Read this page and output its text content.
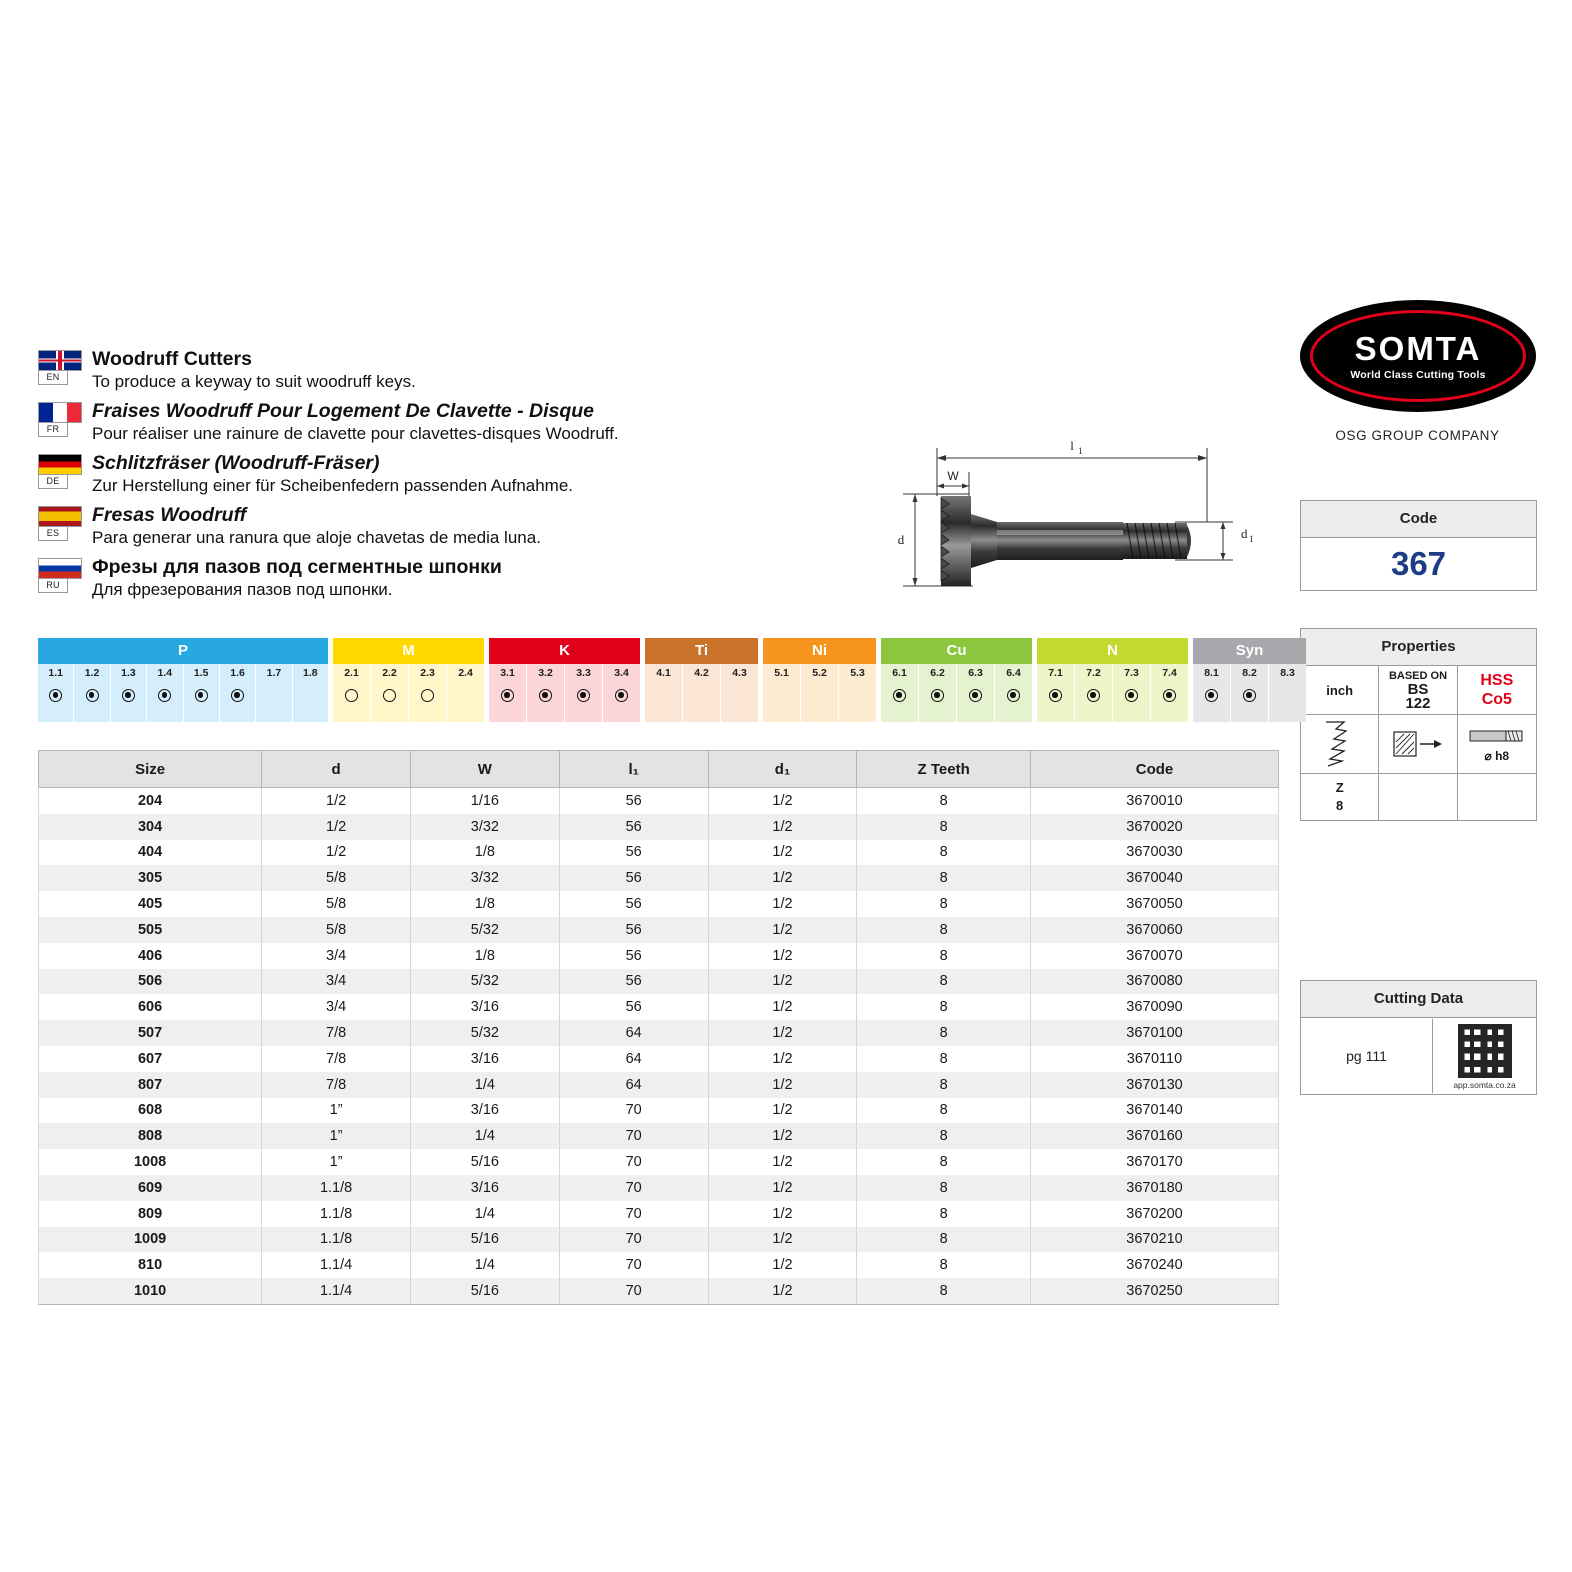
EN
Woodruff Cutters
To produce a keyway to suit woodruff keys.
FR
Fraises Woodruff Pour Logement De Clavette - Disque
Pour réaliser une rainure de clavette pour clavettes-disques Woodruff.
DE
Schlitzfräser (Woodruff-Fräser)
Zur Herstellung einer für Scheibenfedern passenden Aufnahme.
ES
Fresas Woodruff
Para generar una ranura que aloje chavetas de media luna.
RU
Фрезы для пазов под сегментные шпонки
Для фрезерования пазов под шпонки.
l 1
W
d	d 1
SOMTA
World Class Cutting Tools
OSG GROUP COMPANY
Code
367
Properties
inch
BASED ON
BS
122
HSS
Co5
⌀ h8
Z
8
Cutting Data
pg 111
app.somta.co.za
P
1.1 1.2 1.3 1.4 1.5 1.6 1.7 1.8
M
2.1 2.2 2.3 2.4
K
3.1 3.2 3.3 3.4
Ti
4.1 4.2 4.3
Ni
5.1 5.2 5.3
Cu
6.1 6.2 6.3 6.4
N
7.1 7.2 7.3 7.4
Syn
8.1 8.2 8.3
Size	d	W	l₁	d₁	Z Teeth	Code
204	1/2	1/16	56	1/2	8	3670010
304	1/2	3/32	56	1/2	8	3670020
404	1/2	1/8	56	1/2	8	3670030
305	5/8	3/32	56	1/2	8	3670040
405	5/8	1/8	56	1/2	8	3670050
505	5/8	5/32	56	1/2	8	3670060
406	3/4	1/8	56	1/2	8	3670070
506	3/4	5/32	56	1/2	8	3670080
606	3/4	3/16	56	1/2	8	3670090
507	7/8	5/32	64	1/2	8	3670100
607	7/8	3/16	64	1/2	8	3670110
807	7/8	1/4	64	1/2	8	3670130
608	1”	3/16	70	1/2	8	3670140
808	1”	1/4	70	1/2	8	3670160
1008	1”	5/16	70	1/2	8	3670170
609	1.1/8	3/16	70	1/2	8	3670180
809	1.1/8	1/4	70	1/2	8	3670200
1009	1.1/8	5/16	70	1/2	8	3670210
810	1.1/4	1/4	70	1/2	8	3670240
1010	1.1/4	5/16	70	1/2	8	3670250
